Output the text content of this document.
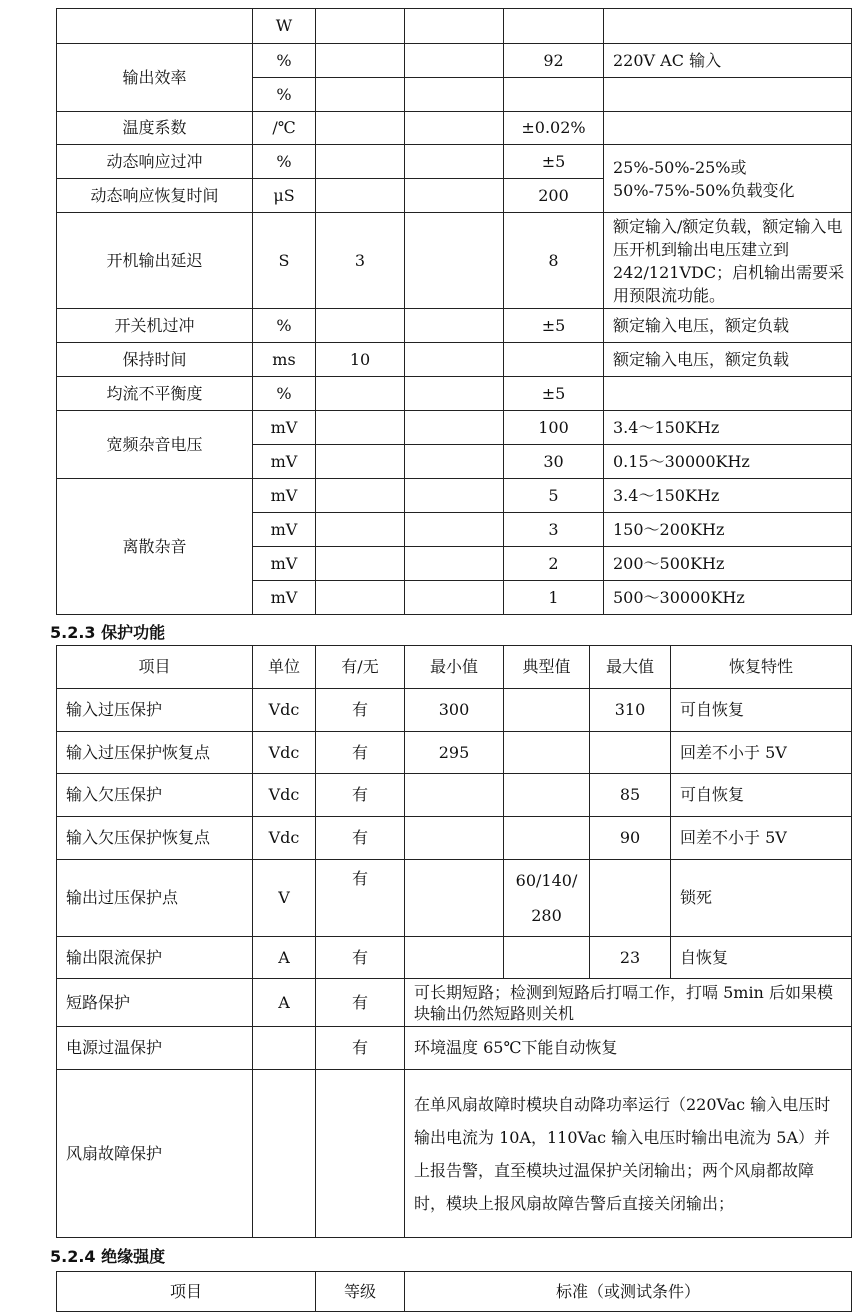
	W				
输出效率	%			92	220V AC 输入
	%				
温度系数	/℃			±0.02%	
动态响应过冲	%			±5	25%-50%-25%或
50%-75%-50%负载变化
动态响应恢复时间	μS			200	
开机输出延迟	S	3		8	额定输入/额定负载，额定输入电压开机到输出电压建立到 242/121VDC；启机输出需要采用预限流功能。
开关机过冲	%			±5	额定输入电压，额定负载
保持时间	ms	10			额定输入电压，额定负载
均流不平衡度	%			±5	
宽频杂音电压	mV			100	3.4～150KHz
	mV			30	0.15～30000KHz
离散杂音	mV			5	3.4～150KHz
	mV			3	150～200KHz
	mV			2	200～500KHz
	mV			1	500～30000KHz
5.2.3 保护功能
项目	单位	有/无	最小值	典型值	最大值	恢复特性
输入过压保护	Vdc	有	300		310	可自恢复
输入过压保护恢复点	Vdc	有	295			回差不小于 5V
输入欠压保护	Vdc	有			85	可自恢复
输入欠压保护恢复点	Vdc	有			90	回差不小于 5V
输出过压保护点	V	有		60/140/
280		锁死
输出限流保护	A	有			23	自恢复
短路保护	A	有	可长期短路；检测到短路后打嗝工作，打嗝 5min 后如果模块输出仍然短路则关机			
电源过温保护		有	环境温度 65℃下能自动恢复			
风扇故障保护			在单风扇故障时模块自动降功率运行（220Vac 输入电压时输出电流为 10A，110Vac 输入电压时输出电流为 5A）并上报告警，直至模块过温保护关闭输出；两个风扇都故障时，模块上报风扇故障告警后直接关闭输出；			
5.2.4 绝缘强度
项目	等级	标准（或测试条件）
